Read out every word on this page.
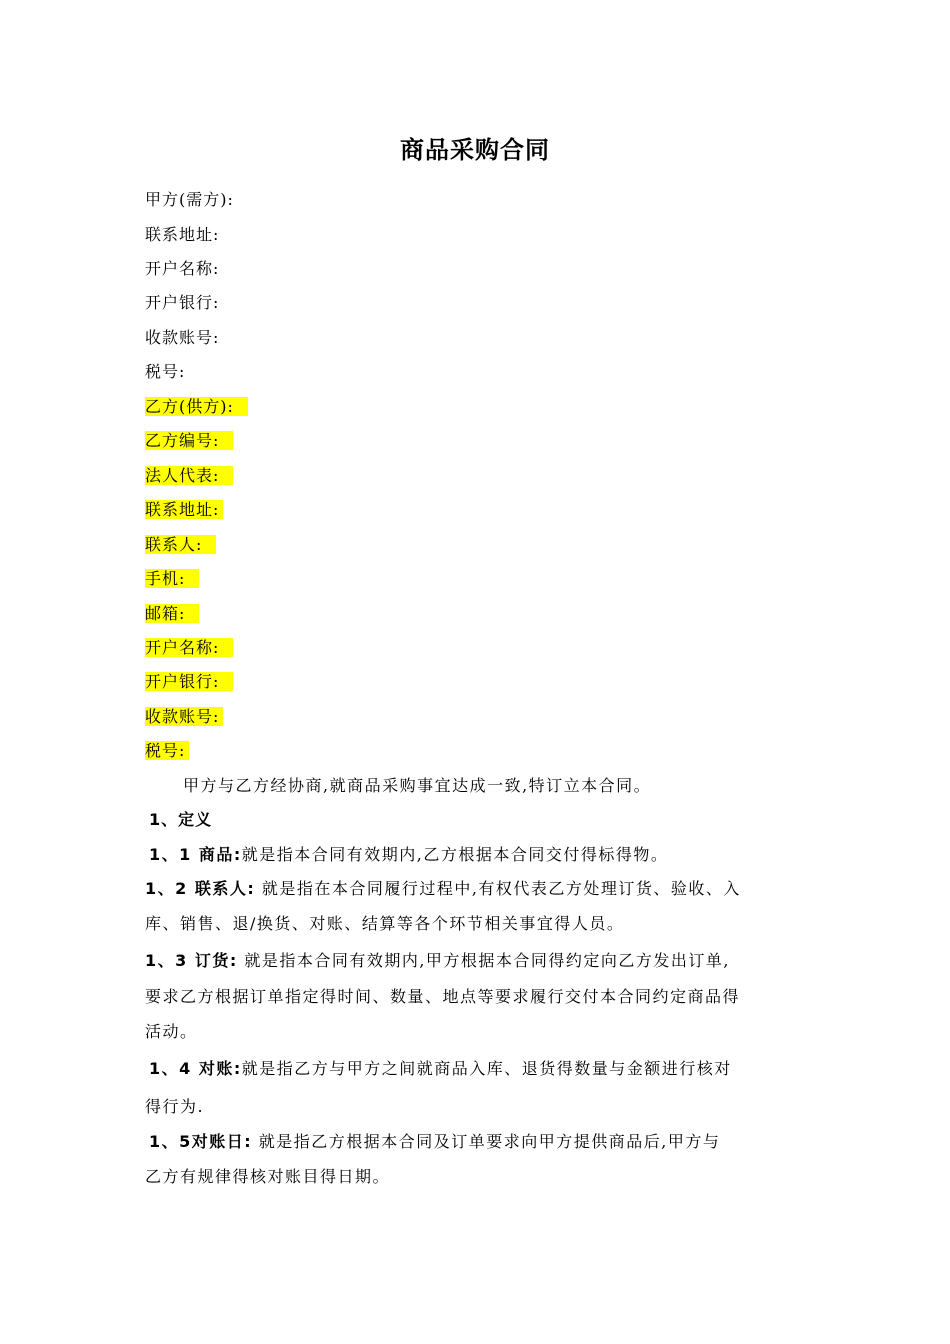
商品采购合同
甲方(需方):
联系地址:
开户名称:
开户银行:
收款账号:
税号:
乙方(供方):
乙方编号:
法人代表:
联系地址:
联系人:
手机:
邮箱:
开户名称:
开户银行:
收款账号:
税号:
甲方与乙方经协商,就商品采购事宜达成一致,特订立本合同。
1、定义
1、1 商品:就是指本合同有效期内,乙方根据本合同交付得标得物。
1、2 联系人: 就是指在本合同履行过程中,有权代表乙方处理订货、验收、入
库、销售、退/换货、对账、结算等各个环节相关事宜得人员。
1、3 订货: 就是指本合同有效期内,甲方根据本合同得约定向乙方发出订单,
要求乙方根据订单指定得时间、数量、地点等要求履行交付本合同约定商品得
活动。
1、4 对账:就是指乙方与甲方之间就商品入库、退货得数量与金额进行核对
得行为.
1、5对账日: 就是指乙方根据本合同及订单要求向甲方提供商品后,甲方与
乙方有规律得核对账目得日期。
